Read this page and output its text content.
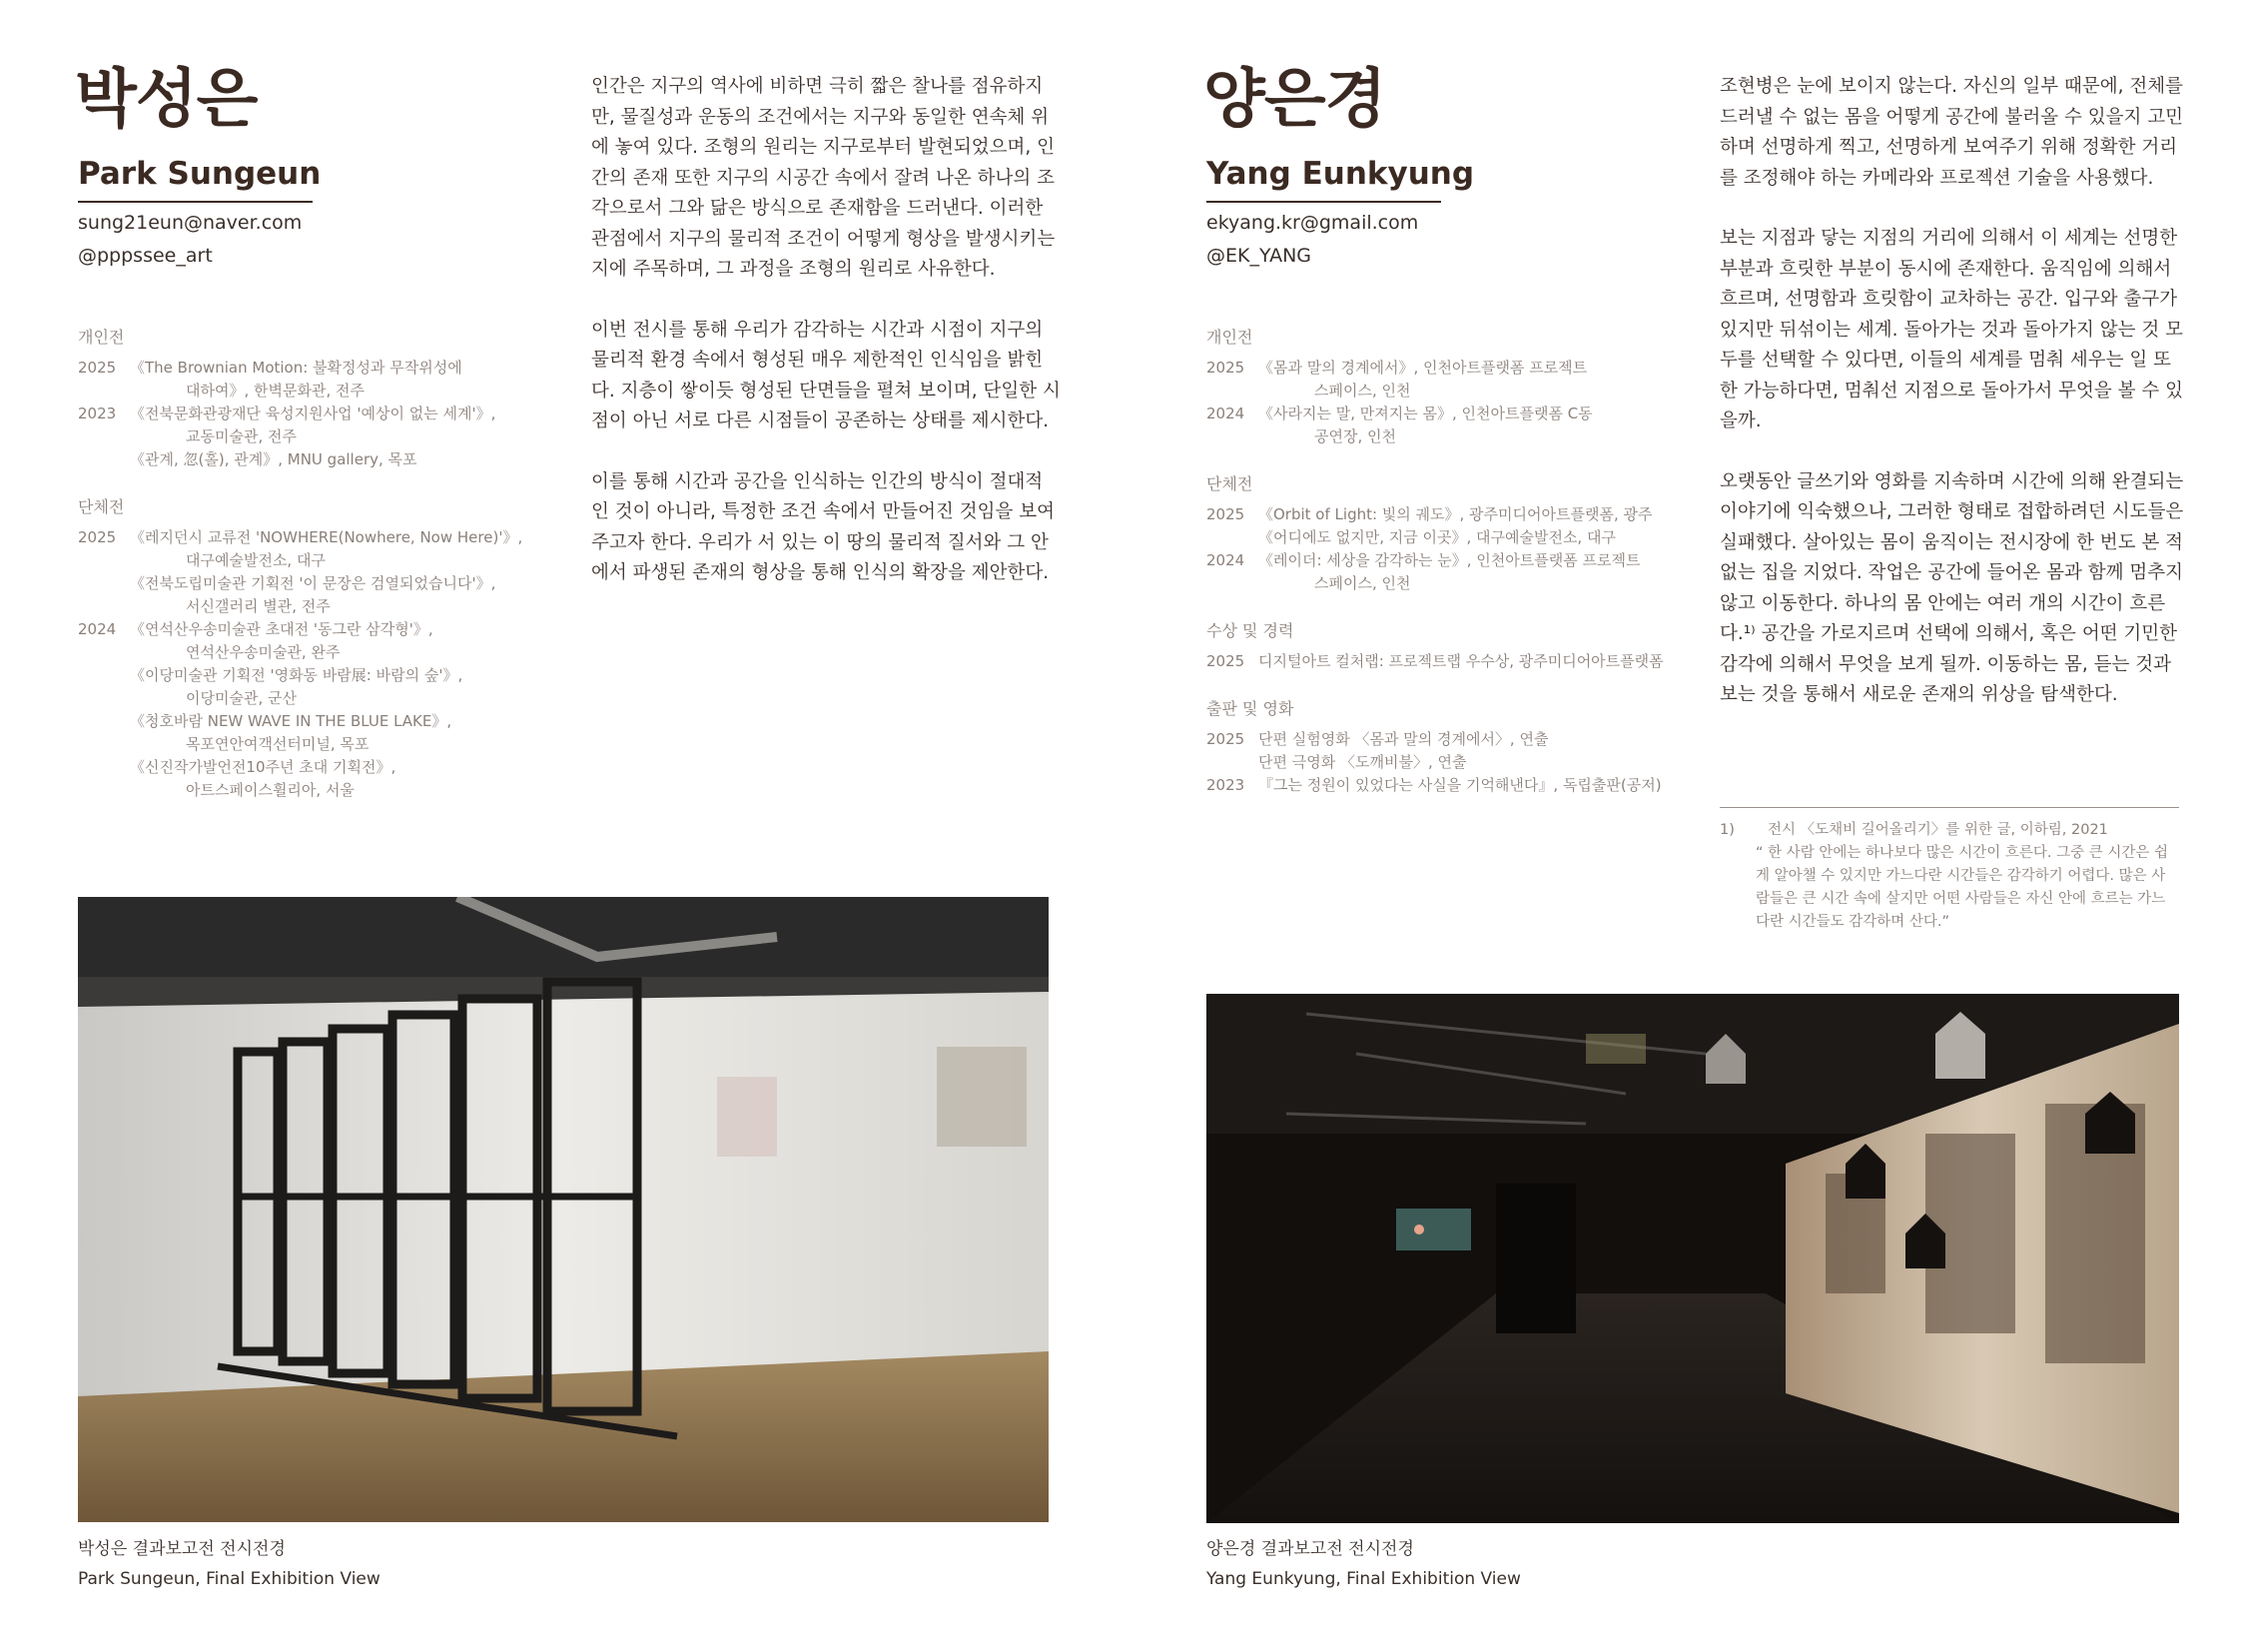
박성은
Park Sungeun
sung21eun@naver.com
@pppssee_art
개인전
2025 《The Brownian Motion: 불확정성과 무작위성에
대하여》, 한벽문화관, 전주
2023 《전북문화관광재단 육성지원사업 '예상이 없는 세계'》,
교동미술관, 전주
《관계, 忽(홀), 관계》, MNU gallery, 목포
단체전
2025 《레지던시 교류전 'NOWHERE(Nowhere, Now Here)'》,
대구예술발전소, 대구
《전북도립미술관 기획전 '이 문장은 검열되었습니다'》,
서신갤러리 별관, 전주
2024 《연석산우송미술관 초대전 '동그란 삼각형'》,
연석산우송미술관, 완주
《이당미술관 기획전 '영화동 바람展: 바람의 숲'》,
이당미술관, 군산
《청호바람 NEW WAVE IN THE BLUE LAKE》,
목포연안여객선터미널, 목포
《신진작가발언전10주년 초대 기획전》,
아트스페이스휠리아, 서울

인간은 지구의 역사에 비하면 극히 짧은 찰나를 점유하지만, 물질성과 운동의 조건에서는 지구와 동일한 연속체 위에 놓여 있다. 조형의 원리는 지구로부터 발현되었으며, 인간의 존재 또한 지구의 시공간 속에서 잘려 나온 하나의 조각으로서 그와 닮은 방식으로 존재함을 드러낸다. 이러한 관점에서 지구의 물리적 조건이 어떻게 형상을 발생시키는지에 주목하며, 그 과정을 조형의 원리로 사유한다.

이번 전시를 통해 우리가 감각하는 시간과 시점이 지구의 물리적 환경 속에서 형성된 매우 제한적인 인식임을 밝힌다. 지층이 쌓이듯 형성된 단면들을 펼쳐 보이며, 단일한 시점이 아닌 서로 다른 시점들이 공존하는 상태를 제시한다.

이를 통해 시간과 공간을 인식하는 인간의 방식이 절대적인 것이 아니라, 특정한 조건 속에서 만들어진 것임을 보여주고자 한다. 우리가 서 있는 이 땅의 물리적 질서와 그 안에서 파생된 존재의 형상을 통해 인식의 확장을 제안한다.

박성은 결과보고전 전시전경
Park Sungeun, Final Exhibition View
양은경
Yang Eunkyung
ekyang.kr@gmail.com
@EK_YANG
개인전
2025 《몸과 말의 경계에서》, 인천아트플랫폼 프로젝트
스페이스, 인천
2024 《사라지는 말, 만져지는 몸》, 인천아트플랫폼 C동
공연장, 인천
단체전
2025 《Orbit of Light: 빛의 궤도》, 광주미디어아트플랫폼, 광주
《어디에도 없지만, 지금 이곳》, 대구예술발전소, 대구
2024 《레이더: 세상을 감각하는 눈》, 인천아트플랫폼 프로젝트
스페이스, 인천
수상 및 경력
2025 디지털아트 컬처랩: 프로젝트랩 우수상, 광주미디어아트플랫폼
출판 및 영화
2025 단편 실험영화 〈몸과 말의 경계에서〉, 연출
단편 극영화 〈도깨비불〉, 연출
2023 『그는 정원이 있었다는 사실을 기억해낸다』, 독립출판(공저)

조현병은 눈에 보이지 않는다. 자신의 일부 때문에, 전체를 드러낼 수 없는 몸을 어떻게 공간에 불러올 수 있을지 고민하며 선명하게 찍고, 선명하게 보여주기 위해 정확한 거리를 조정해야 하는 카메라와 프로젝션 기술을 사용했다.

보는 지점과 닿는 지점의 거리에 의해서 이 세계는 선명한 부분과 흐릿한 부분이 동시에 존재한다. 움직임에 의해서 흐르며, 선명함과 흐릿함이 교차하는 공간. 입구와 출구가 있지만 뒤섞이는 세계. 돌아가는 것과 돌아가지 않는 것 모두를 선택할 수 있다면, 이들의 세계를 멈춰 세우는 일 또한 가능하다면, 멈춰선 지점으로 돌아가서 무엇을 볼 수 있을까.

오랫동안 글쓰기와 영화를 지속하며 시간에 의해 완결되는 이야기에 익숙했으나, 그러한 형태로 접합하려던 시도들은 실패했다. 살아있는 몸이 움직이는 전시장에 한 번도 본 적 없는 집을 지었다. 작업은 공간에 들어온 몸과 함께 멈추지 않고 이동한다. 하나의 몸 안에는 여러 개의 시간이 흐른다.¹⁾ 공간을 가로지르며 선택에 의해서, 혹은 어떤 기민한 감각에 의해서 무엇을 보게 될까. 이동하는 몸, 듣는 것과 보는 것을 통해서 새로운 존재의 위상을 탐색한다.

1)	전시 〈도채비 길어올리기〉를 위한 글, 이하림, 2021
“ 한 사람 안에는 하나보다 많은 시간이 흐른다. 그중 큰 시간은 쉽게 알아챌 수 있지만 가느다란 시간들은 감각하기 어렵다. 많은 사람들은 큰 시간 속에 살지만 어떤 사람들은 자신 안에 흐르는 가느다란 시간들도 감각하며 산다.”
양은경 결과보고전 전시전경
Yang Eunkyung, Final Exhibition View
